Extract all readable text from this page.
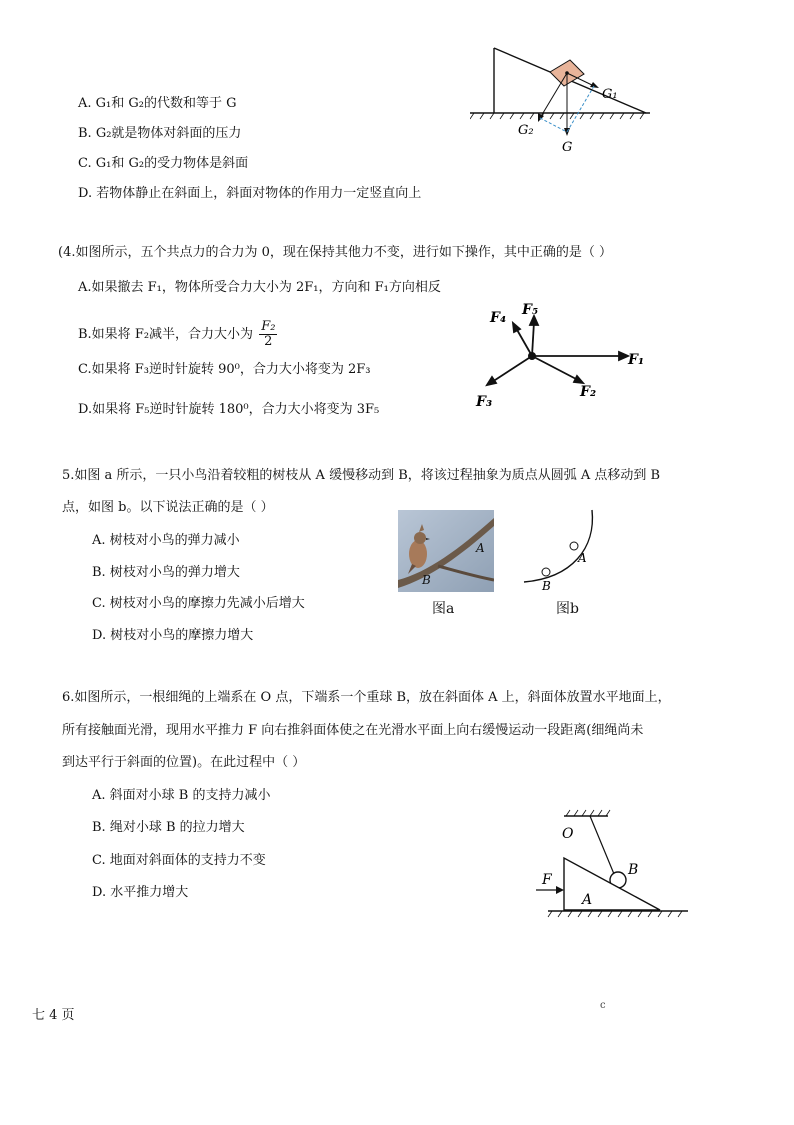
A. G₁和 G₂的代数和等于 G
B. G₂就是物体对斜面的压力
C. G₁和 G₂的受力物体是斜面
D. 若物体静止在斜面上，斜面对物体的作用力一定竖直向上
G₁
G₂
G
(4.如图所示，五个共点力的合力为 0，现在保持其他力不变，进行如下操作，其中正确的是（ ）
A.如果撤去 F₁，物体所受合力大小为 2F₁，方向和 F₁方向相反
B.如果将 F₂减半，合力大小为 $\frac{\text{F₂}}{2}$
C.如果将 F₃逆时针旋转 90⁰，合力大小将变为 2F₃
D.如果将 F₅逆时针旋转 180⁰，合力大小将变为 3F₅
F₁
F₂
F₃
F₄ F₅
5.如图 a 所示，一只小鸟沿着较粗的树枝从 A 缓慢移动到 B，将该过程抽象为质点从圆弧 A 点移动到 B
点，如图 b。以下说法正确的是（ ）
A. 树枝对小鸟的弹力减小
B. 树枝对小鸟的弹力增大
C. 树枝对小鸟的摩擦力先减小后增大
D. 树枝对小鸟的摩擦力增大
A
B
图a
A
B
图b
6.如图所示，一根细绳的上端系在 O 点，下端系一个重球 B，放在斜面体 A 上，斜面体放置水平地面上，
所有接触面光滑，现用水平推力 F 向右推斜面体使之在光滑水平面上向右缓慢运动一段距离(细绳尚未
到达平行于斜面的位置)。在此过程中（ ）
A. 斜面对小球 B 的支持力减小
B. 绳对小球 B 的拉力增大
C. 地面对斜面体的支持力不变
D. 水平推力增大
O
B
F
A
七 4 页
c
